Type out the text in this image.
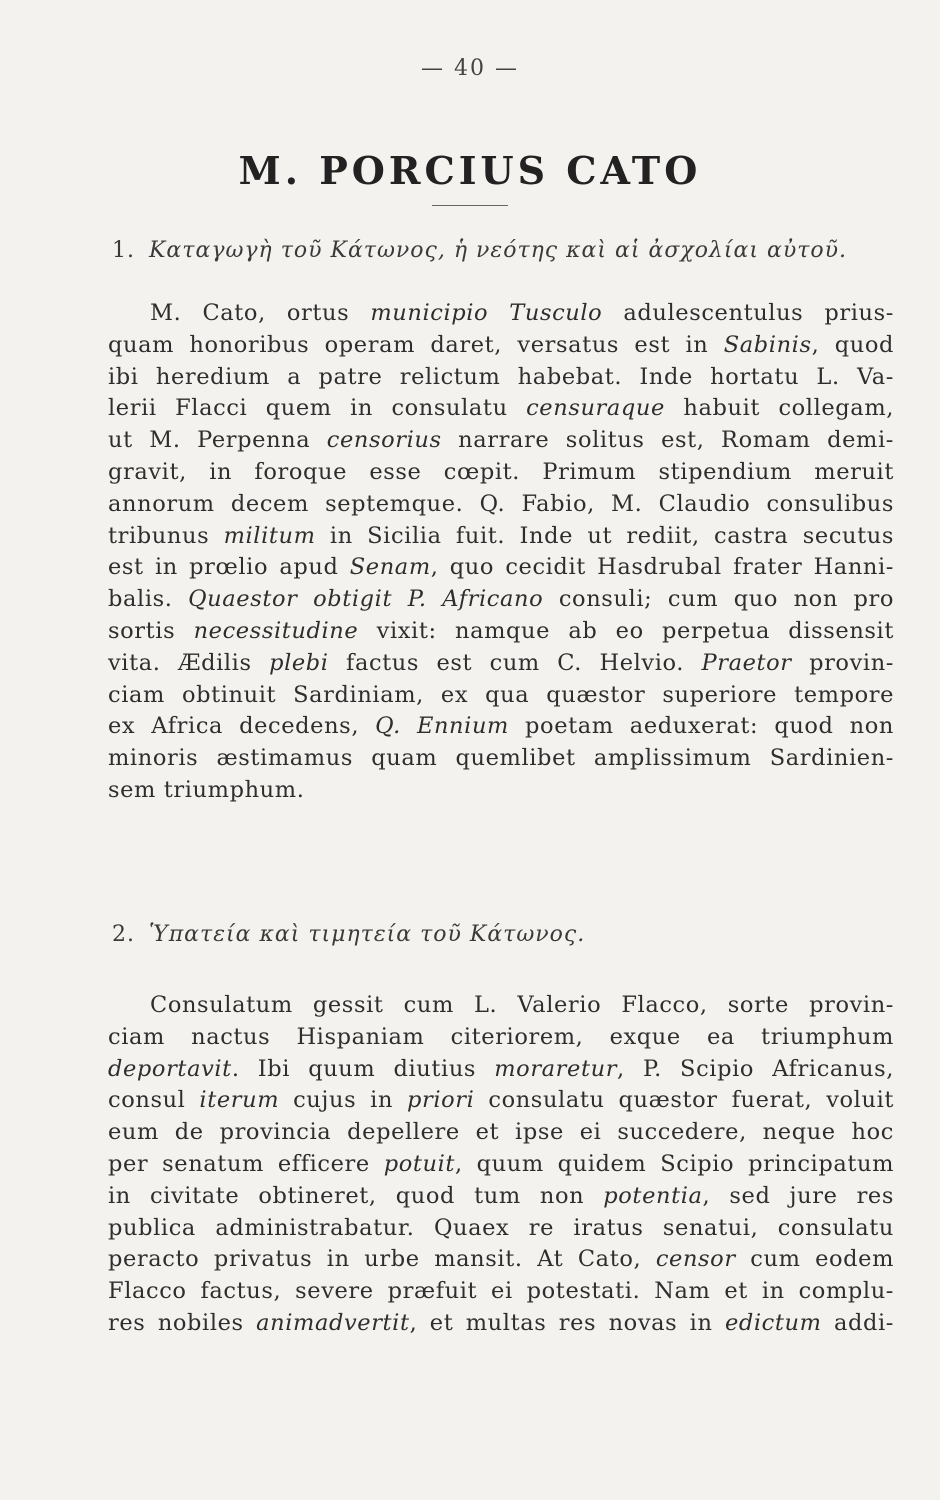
— 40 —
M. PORCIUS CATO
1. Καταγωγὴ τοῦ Κάτωνος, ἡ νεότης καὶ αἱ ἀσχολίαι αὐτοῦ.
M. Cato, ortus municipio Tusculo adulescentulus prius-
quam honoribus operam daret, versatus est in Sabinis, quod
ibi heredium a patre relictum habebat. Inde hortatu L. Va-
lerii Flacci quem in consulatu censuraque habuit collegam,
ut M. Perpenna censorius narrare solitus est, Romam demi-
gravit, in foroque esse cœpit. Primum stipendium meruit
annorum decem septemque. Q. Fabio, M. Claudio consulibus
tribunus militum in Sicilia fuit. Inde ut rediit, castra secutus
est in prœlio apud Senam, quo cecidit Hasdrubal frater Hanni-
balis. Quaestor obtigit P. Africano consuli; cum quo non pro
sortis necessitudine vixit: namque ab eo perpetua dissensit
vita. Ædilis plebi factus est cum C. Helvio. Praetor provin-
ciam obtinuit Sardiniam, ex qua quæstor superiore tempore
ex Africa decedens, Q. Ennium poetam aeduxerat: quod non
minoris æstimamus quam quemlibet amplissimum Sardinien-
sem triumphum.
2. Ὑπατεία καὶ τιμητεία τοῦ Κάτωνος.
Consulatum gessit cum L. Valerio Flacco, sorte provin-
ciam nactus Hispaniam citeriorem, exque ea triumphum
deportavit. Ibi quum diutius moraretur, P. Scipio Africanus,
consul iterum cujus in priori consulatu quæstor fuerat, voluit
eum de provincia depellere et ipse ei succedere, neque hoc
per senatum efficere potuit, quum quidem Scipio principatum
in civitate obtineret, quod tum non potentia, sed jure res
publica administrabatur. Quaex re iratus senatui, consulatu
peracto privatus in urbe mansit. At Cato, censor cum eodem
Flacco factus, severe præfuit ei potestati. Nam et in complu-
res nobiles animadvertit, et multas res novas in edictum addi-
